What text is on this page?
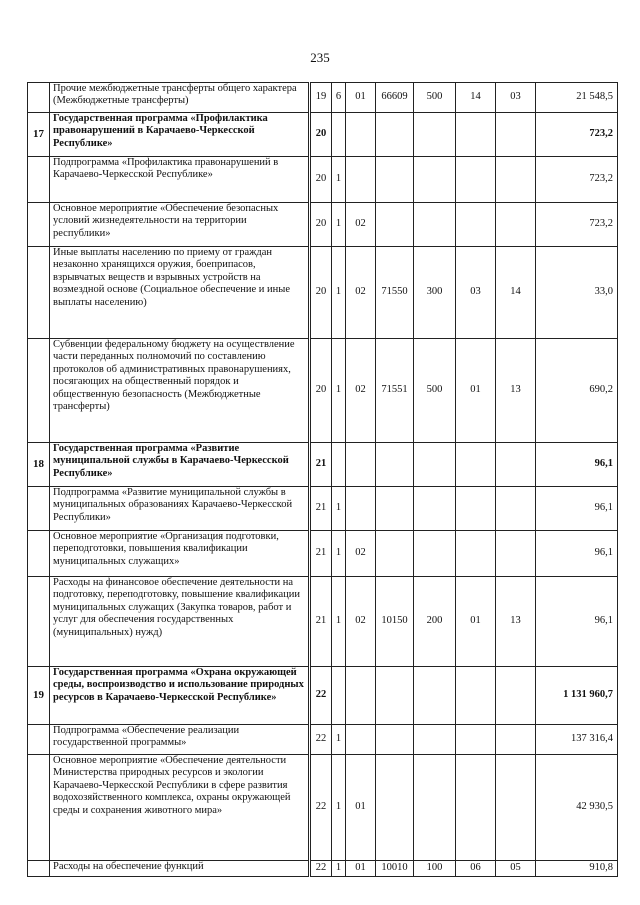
235
	Прочие межбюджетные трансферты общего характера (Межбюджетные трансферты)	19	6	01	66609	500	14	03	21 548,5
17	Государственная программа «Профилактика правонарушений в Карачаево-Черкесской Республике»	20							723,2
	Подпрограмма «Профилактика правонарушений в Карачаево-Черкесской Республике»	20	1						723,2
	Основное мероприятие «Обеспечение безопасных условий жизнедеятельности на территории республики»	20	1	02					723,2
	Иные выплаты населению по приему от граждан незаконно хранящихся оружия, боеприпасов, взрывчатых веществ и взрывных устройств на возмездной основе (Социальное обеспечение и иные выплаты населению)	20	1	02	71550	300	03	14	33,0
	Субвенции федеральному бюджету на осуществление части переданных полномочий по составлению протоколов об административных правонарушениях, посягающих на общественный порядок и общественную безопасность (Межбюджетные трансферты)	20	1	02	71551	500	01	13	690,2
18	Государственная программа «Развитие муниципальной службы в Карачаево-Черкесской Республике»	21							96,1
	Подпрограмма «Развитие муниципальной службы в муниципальных образованиях Карачаево-Черкесской Республики»	21	1						96,1
	Основное мероприятие «Организация подготовки, переподготовки, повышения квалификации муниципальных служащих»	21	1	02					96,1
	Расходы на финансовое обеспечение деятельности на подготовку, переподготовку, повышение квалификации муниципальных служащих (Закупка товаров, работ и услуг для обеспечения государственных (муниципальных) нужд)	21	1	02	10150	200	01	13	96,1
19	Государственная программа «Охрана окружающей среды, воспроизводство и использование природных ресурсов в Карачаево-Черкесской Республике»	22							1 131 960,7
	Подпрограмма «Обеспечение реализации государственной программы»	22	1						137 316,4
	Основное мероприятие «Обеспечение деятельности Министерства природных ресурсов и экологии Карачаево-Черкесской Республики в сфере развития водохозяйственного комплекса, охраны окружающей среды и сохранения животного мира»	22	1	01					42 930,5
	Расходы на обеспечение функций	22	1	01	10010	100	06	05	910,8
